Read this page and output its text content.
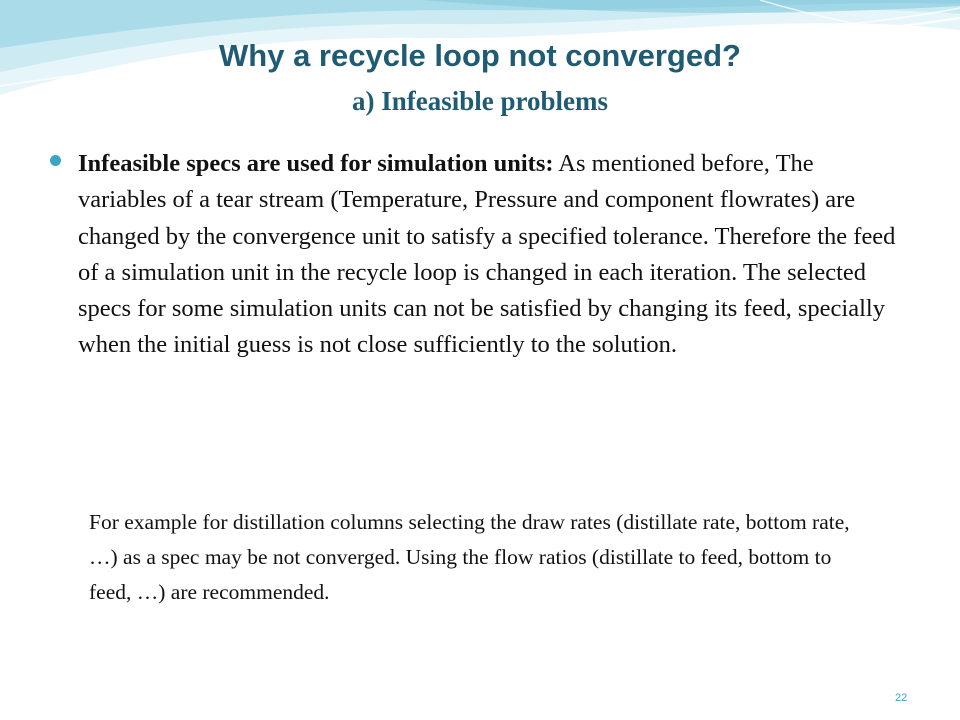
Why a recycle loop not converged?
a) Infeasible problems
Infeasible specs are used for simulation units: As mentioned before, The variables of a tear stream (Temperature, Pressure and component flowrates) are changed by the convergence unit to satisfy a specified tolerance. Therefore the feed of a simulation unit in the recycle loop is changed in each iteration. The selected specs for some simulation units can not be satisfied by changing its feed, specially when the initial guess is not close sufficiently to the solution.
For example for distillation columns selecting the draw rates (distillate rate, bottom rate, …) as a spec may be not converged. Using the flow ratios (distillate to feed, bottom to feed, …) are recommended.
22
